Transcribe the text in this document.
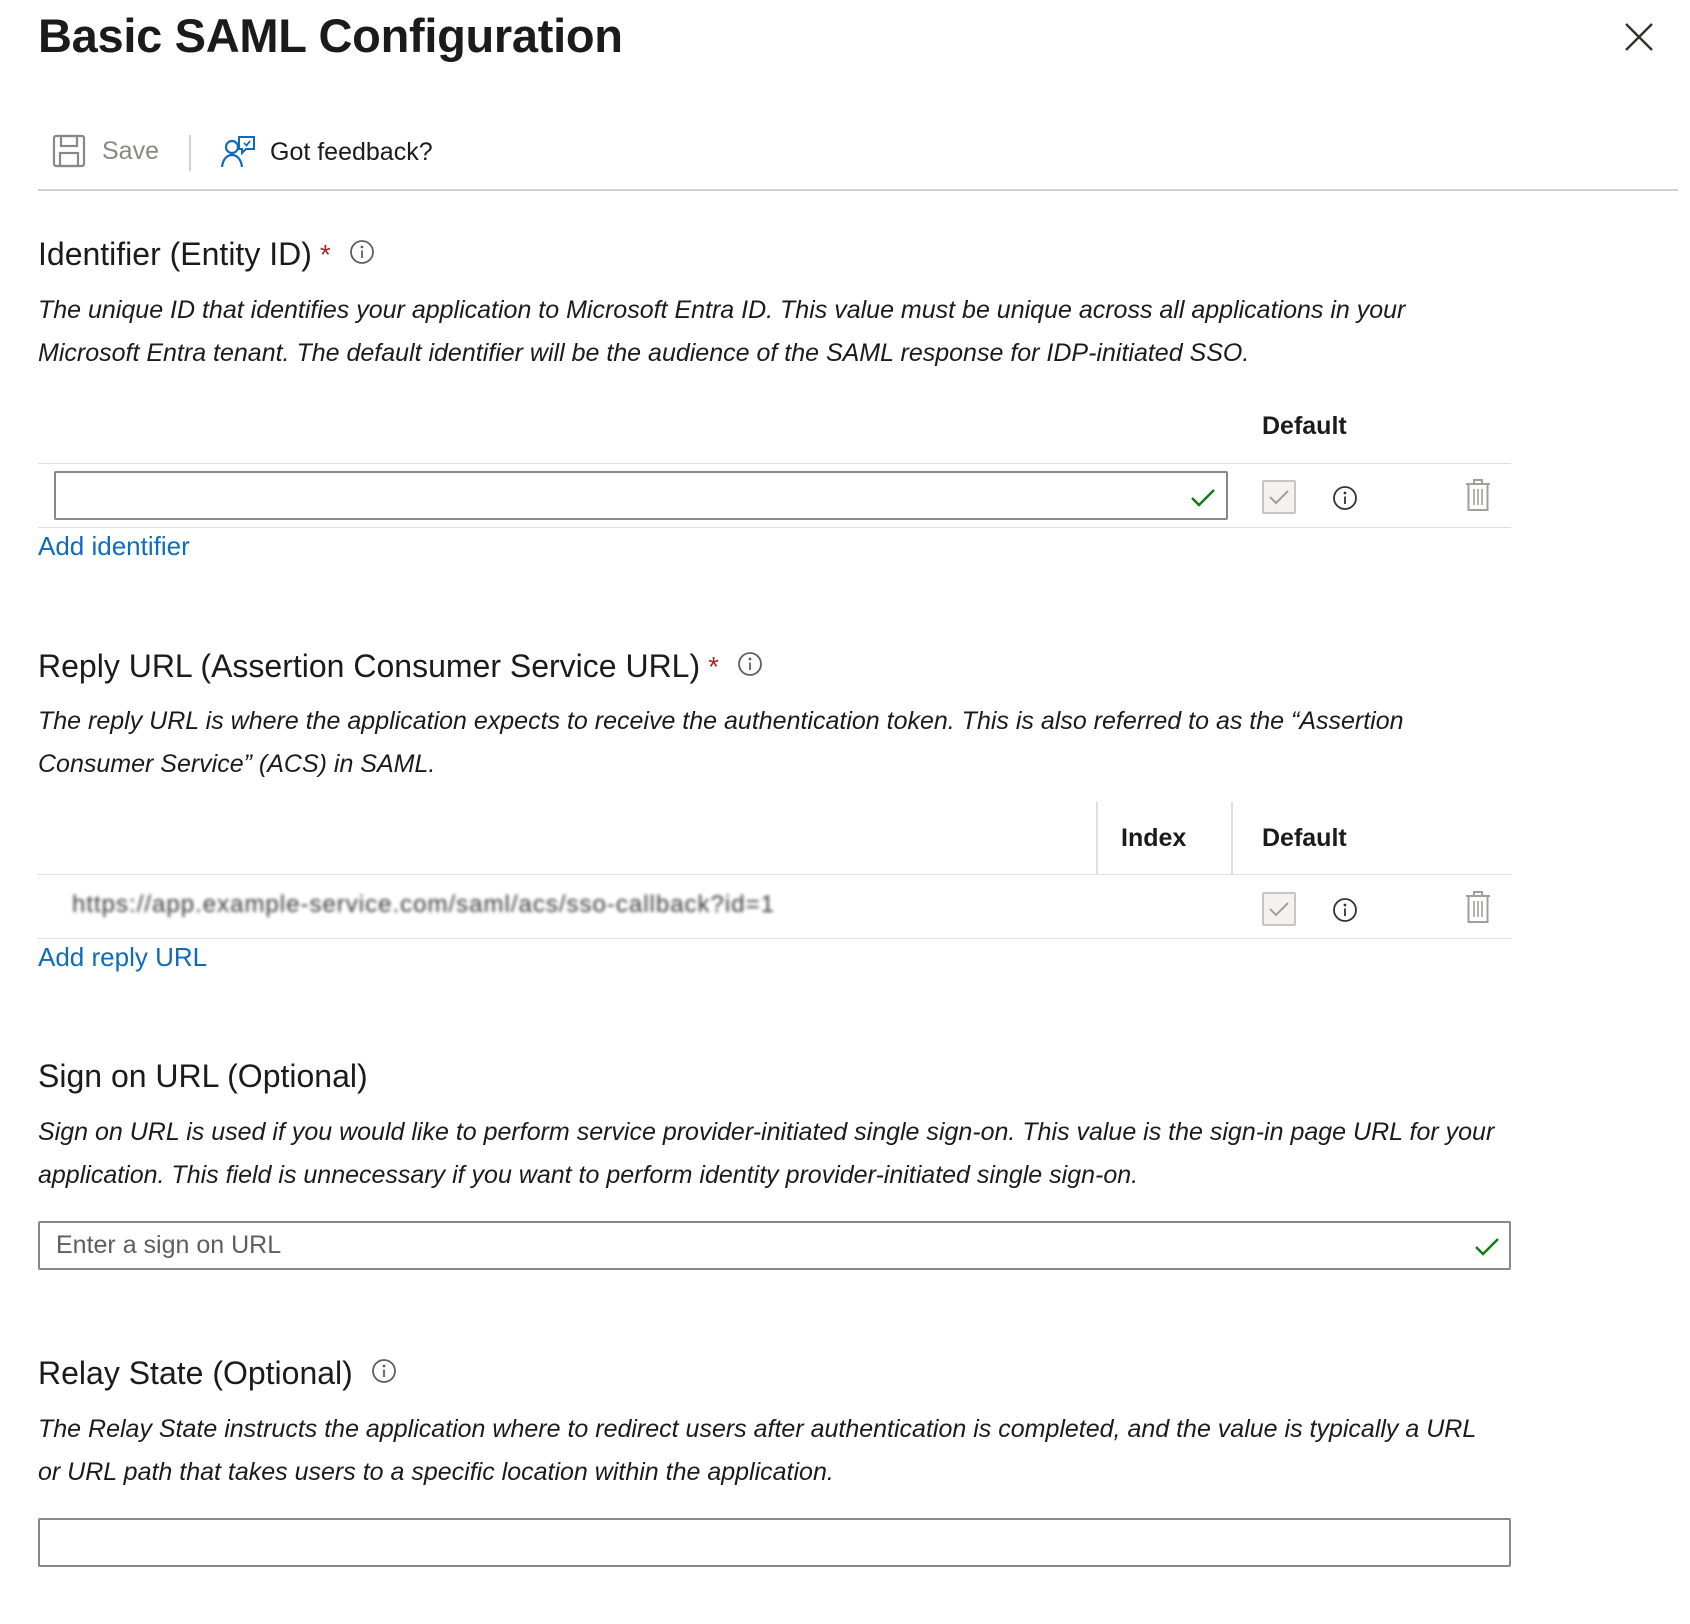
Basic SAML Configuration
Save	Got feedback?
Identifier (Entity ID) *
The unique ID that identifies your application to Microsoft Entra ID. This value must be unique across all applications in your Microsoft Entra tenant. The default identifier will be the audience of the SAML response for IDP-initiated SSO.
Default
Add identifier
Reply URL (Assertion Consumer Service URL) *
The reply URL is where the application expects to receive the authentication token. This is also referred to as the “Assertion Consumer Service” (ACS) in SAML.
Index	Default
https://app.example-service.com/saml/acs/sso-callback?id=1
Add reply URL
Sign on URL (Optional)
Sign on URL is used if you would like to perform service provider-initiated single sign-on. This value is the sign-in page URL for your application. This field is unnecessary if you want to perform identity provider-initiated single sign-on.
Enter a sign on URL
Relay State (Optional)
The Relay State instructs the application where to redirect users after authentication is completed, and the value is typically a URL or URL path that takes users to a specific location within the application.
